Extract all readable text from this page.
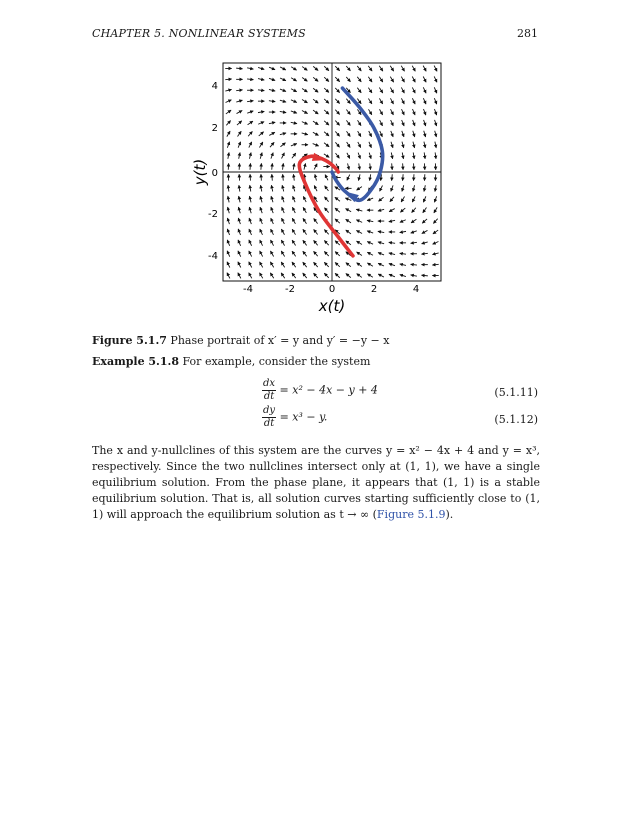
CHAPTER 5. NONLINEAR SYSTEMS	281
-4	-2	0	2	4
4
2
0
-2
-4
x(t)
y(t)
Figure 5.1.7 Phase portrait of x′ = y and y′ = −y − x
Example 5.1.8 For example, consider the system
$\frac{dx}{dt} = x^2 - 4x - y + 4$	(5.1.11)
$\frac{dy}{dt} = x^3 - y$.	(5.1.12)
The x and y-nullclines of this system are the curves y = x² − 4x + 4 and y = x³, respectively. Since the two nullclines intersect only at (1, 1), we have a single equilibrium solution. From the phase plane, it appears that (1, 1) is a stable equilibrium solution. That is, all solution curves starting sufficiently close to (1, 1) will approach the equilibrium solution as t → ∞ (Figure 5.1.9).
